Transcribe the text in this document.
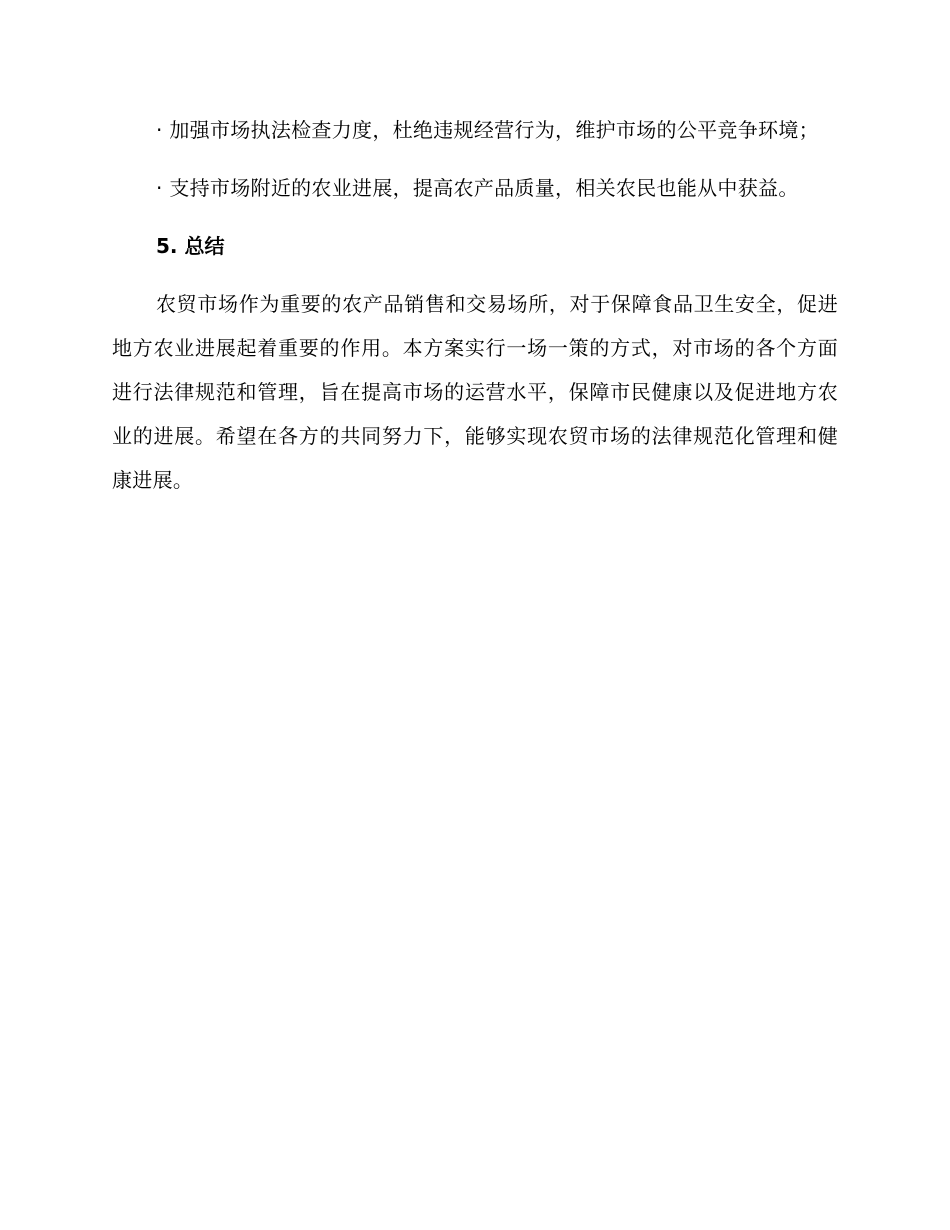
· 加强市场执法检查力度，杜绝违规经营行为，维护市场的公平竞争环境；

· 支持市场附近的农业进展，提高农产品质量，相关农民也能从中获益。

5. 总结

农贸市场作为重要的农产品销售和交易场所，对于保障食品卫生安全，促进地方农业进展起着重要的作用。本方案实行一场一策的方式，对市场的各个方面进行法律规范和管理，旨在提高市场的运营水平，保障市民健康以及促进地方农业的进展。希望在各方的共同努力下，能够实现农贸市场的法律规范化管理和健康进展。
